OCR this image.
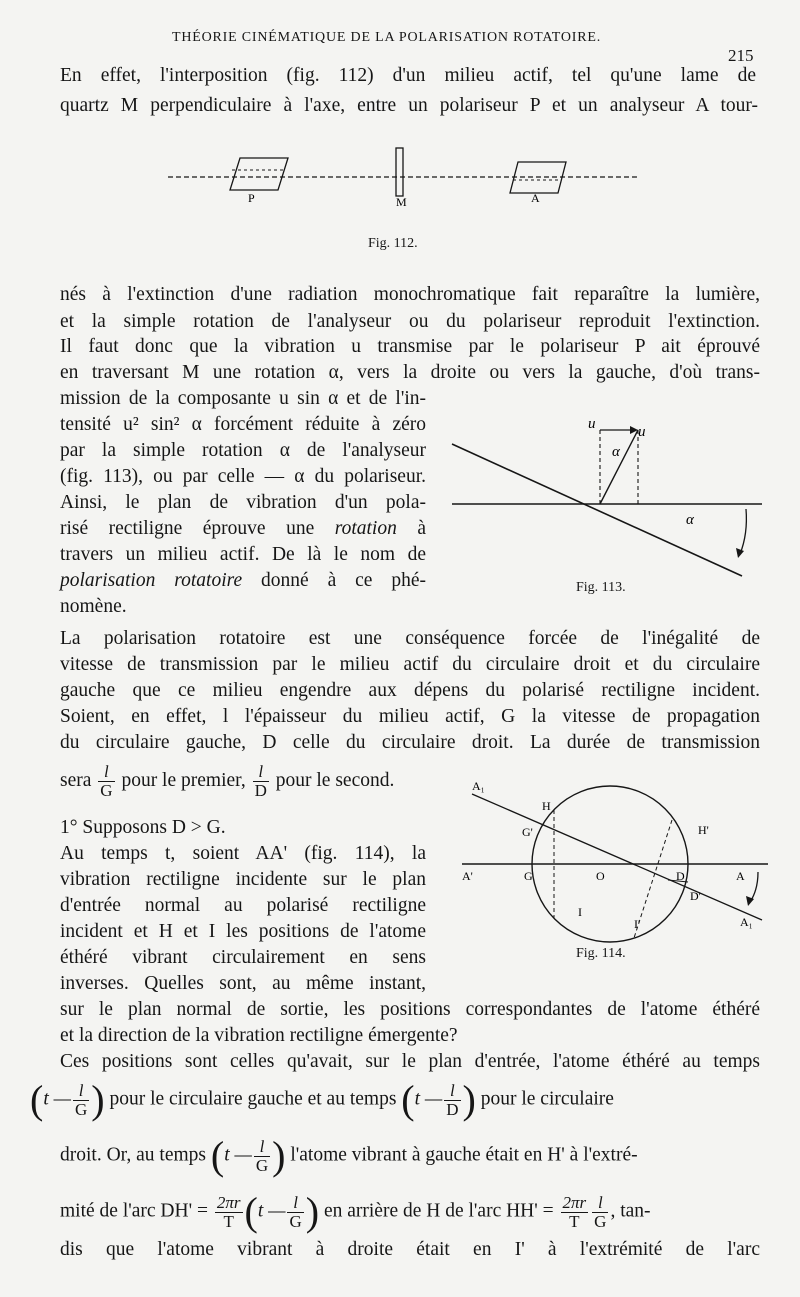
THÉORIE CINÉMATIQUE DE LA POLARISATION ROTATOIRE.
215
En effet, l'interposition (fig. 112) d'un milieu actif, tel qu'une lame de
quartz M perpendiculaire à l'axe, entre un polariseur P et un analyseur A tour-
P	M	A
Fig. 112.
nés à l'extinction d'une radiation monochromatique fait reparaître la lumière,
et la simple rotation de l'analyseur ou du polariseur reproduit l'extinction.
Il faut donc que la vibration u transmise par le polariseur P ait éprouvé
en traversant M une rotation α, vers la droite ou vers la gauche, d'où trans-
mission de la composante u sin α et de l'in-
tensité u² sin² α forcément réduite à zéro
par la simple rotation α de l'analyseur
(fig. 113), ou par celle — α du polariseur.
Ainsi, le plan de vibration d'un pola-
risé rectiligne éprouve une rotation à
travers un milieu actif. De là le nom de
polarisation rotatoire donné à ce phé-
nomène.
u	u
α
α
Fig. 113.
La polarisation rotatoire est une conséquence forcée de l'inégalité de
vitesse de transmission par le milieu actif du circulaire droit et du circulaire
gauche que ce milieu engendre aux dépens du polarisé rectiligne incident.
Soient, en effet, l l'épaisseur du milieu actif, G la vitesse de propagation
du circulaire gauche, D celle du circulaire droit. La durée de transmission
sera $\frac{l}{G}$ pour le premier, $\frac{l}{D}$ pour le second.
1° Supposons D > G.
Au temps t, soient AA' (fig. 114), la
vibration rectiligne incidente sur le plan
d'entrée normal au polarisé rectiligne
incident et H et I les positions de l'atome
éthéré vibrant circulairement en sens
inverses. Quelles sont, au même instant,
sur le plan normal de sortie, les positions correspondantes de l'atome éthéré
et la direction de la vibration rectiligne émergente?
A₁
H
H'
G'
A'	G	O	D	A
D'
I
I'	A₁
Fig. 114.
Ces positions sont celles qu'avait, sur le plan d'entrée, l'atome éthéré au temps
(t — $\frac{l}{G}$ ) pour le circulaire gauche et au temps (t — $\frac{l}{D}$ ) pour le circulaire
droit. Or, au temps (t — $\frac{l}{G}$ ) l'atome vibrant à gauche était en H' à l'extré-
mité de l'arc $DH' = \frac{2\pi r}{T} (t$ — $\frac{l}{G}$ ) en arrière de H de l'arc $HH' = \frac{2\pi r}{T} \frac{l}{G}$ , tan-
dis que l'atome vibrant à droite était en I' à l'extrémité de l'arc
